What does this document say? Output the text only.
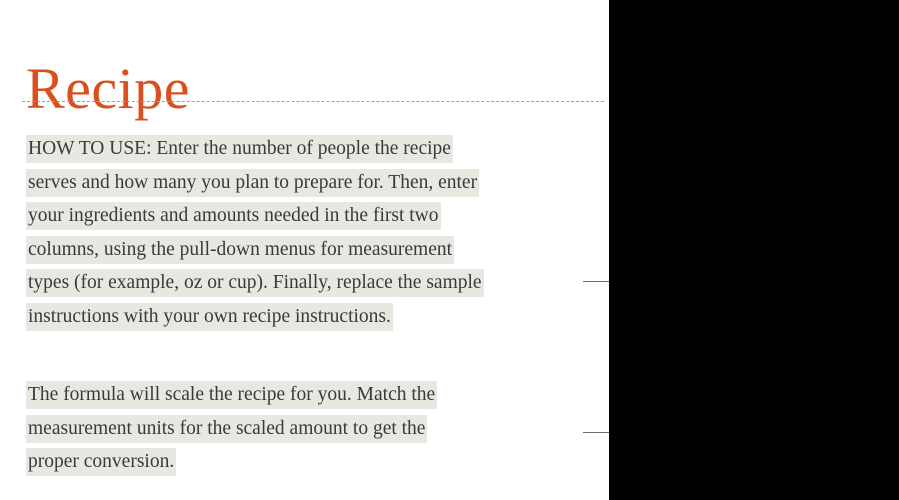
Recipe
HOW TO USE: Enter the number of people the recipe
serves and how many you plan to prepare for. Then, enter
your ingredients and amounts needed in the first two
columns, using the pull-down menus for measurement
types (for example, oz or cup). Finally, replace the sample
instructions with your own recipe instructions.
The formula will scale the recipe for you. Match the
measurement units for the scaled amount to get the
proper conversion.
